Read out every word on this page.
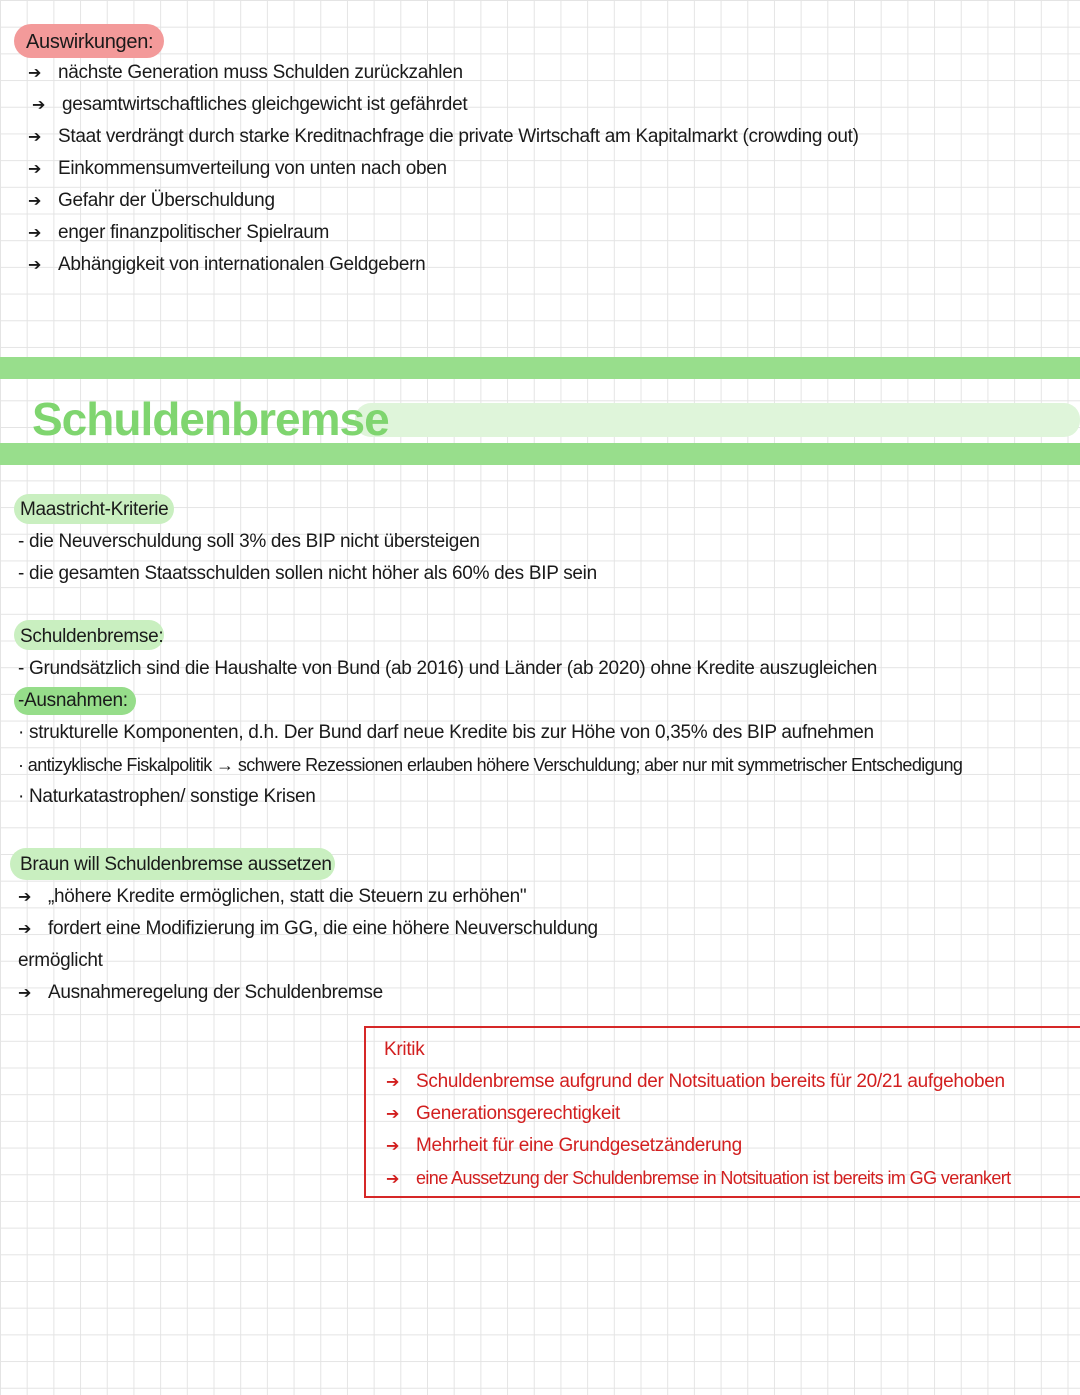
Auswirkungen:
➔ nächste Generation muss Schulden zurückzahlen
➔ gesamtwirtschaftliches gleichgewicht ist gefährdet
➔ Staat verdrängt durch starke Kreditnachfrage die private Wirtschaft am Kapitalmarkt (crowding out)
➔ Einkommensumverteilung von unten nach oben
➔ Gefahr der Überschuldung
➔ enger finanzpolitischer Spielraum
➔ Abhängigkeit von internationalen Geldgebern
Schuldenbremse
Maastricht-Kriterie
- die Neuverschuldung soll 3% des BIP nicht übersteigen
- die gesamten Staatsschulden sollen nicht höher als 60% des BIP sein
Schuldenbremse:
- Grundsätzlich sind die Haushalte von Bund (ab 2016) und Länder (ab 2020) ohne Kredite auszugleichen
-Ausnahmen:
· strukturelle Komponenten, d.h. Der Bund darf neue Kredite bis zur Höhe von 0,35% des BIP aufnehmen
· antizyklische Fiskalpolitik → schwere Rezessionen erlauben höhere Verschuldung; aber nur mit symmetrischer Entschedigung
· Naturkatastrophen/ sonstige Krisen
Braun will Schuldenbremse aussetzen
➔ „höhere Kredite ermöglichen, statt die Steuern zu erhöhen"
➔ fordert eine Modifizierung im GG, die eine höhere Neuverschuldung
ermöglicht
➔ Ausnahmeregelung der Schuldenbremse
Kritik
➔ Schuldenbremse aufgrund der Notsituation bereits für 20/21 aufgehoben
➔ Generationsgerechtigkeit
➔ Mehrheit für eine Grundgesetzänderung
➔ eine Aussetzung der Schuldenbremse in Notsituation ist bereits im GG verankert
